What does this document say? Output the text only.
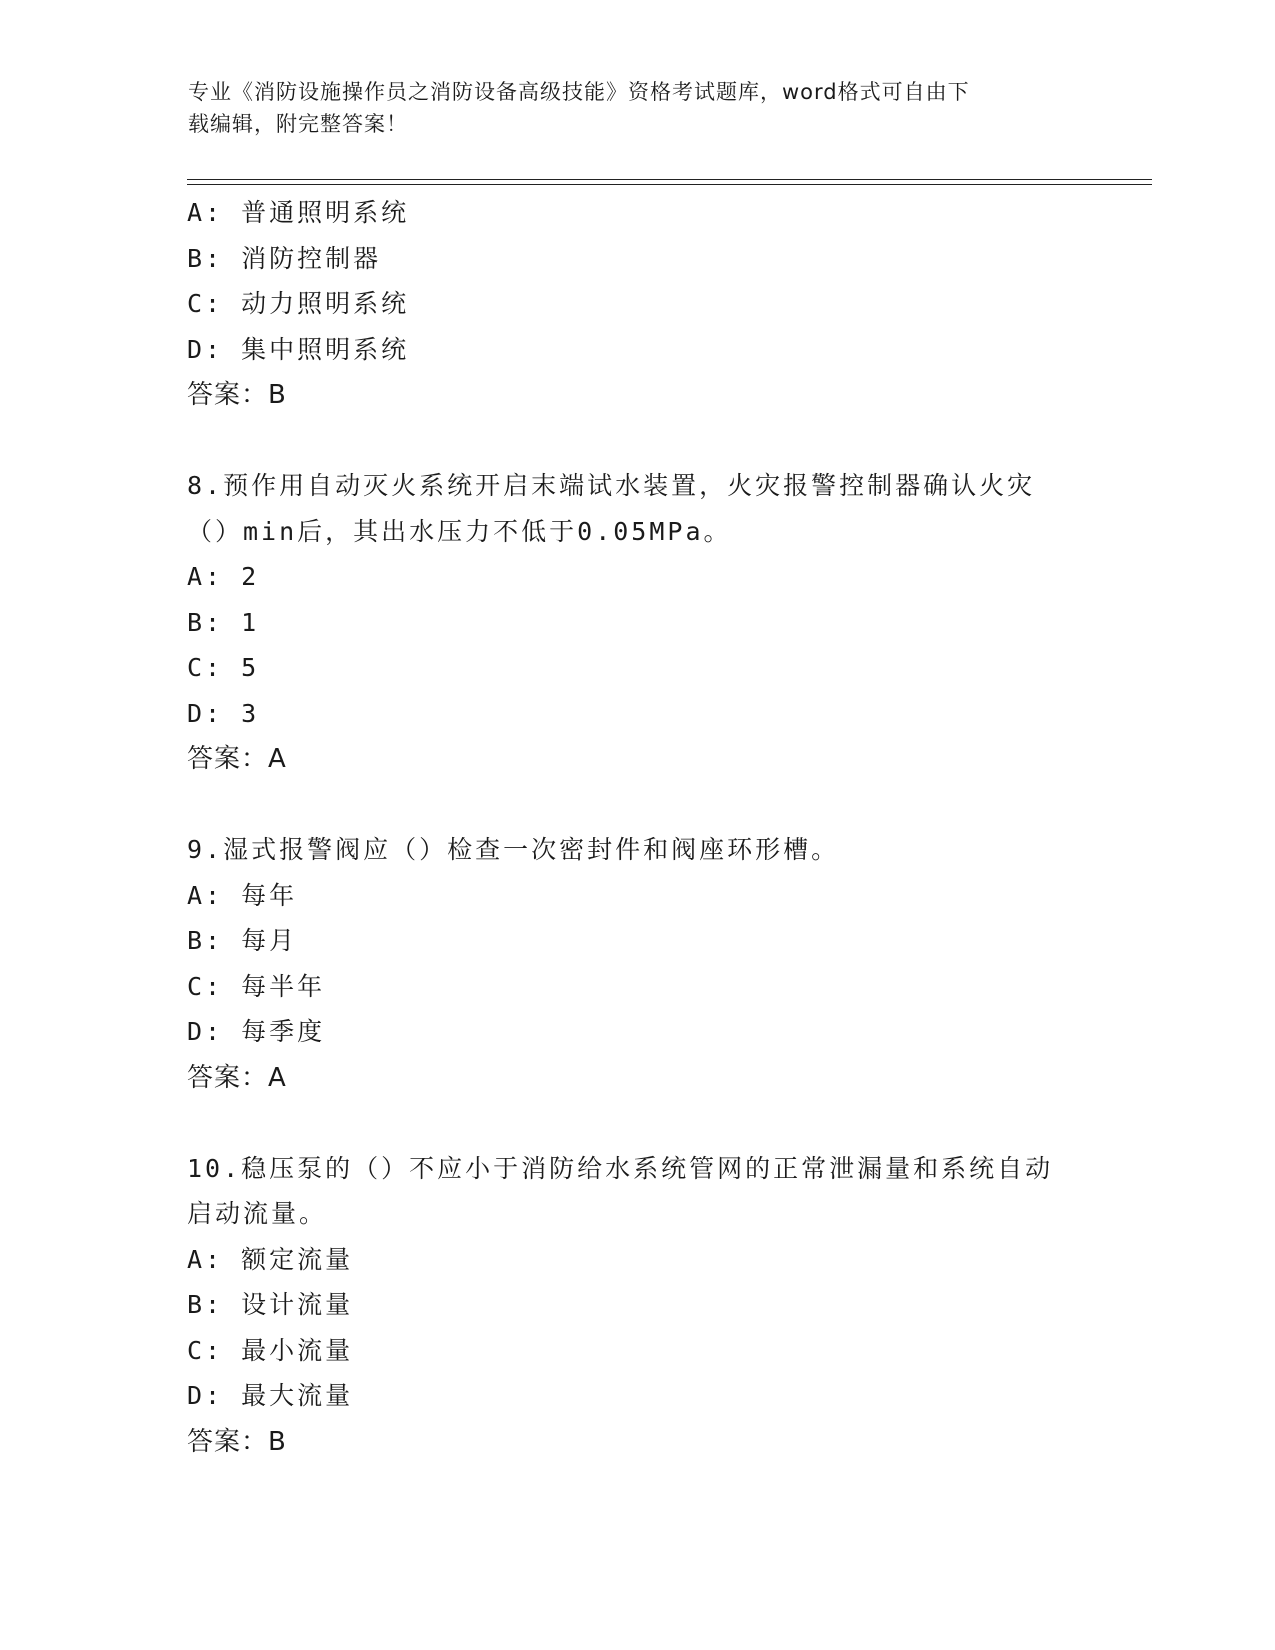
专业《消防设施操作员之消防设备高级技能》资格考试题库，word格式可自由下
载编辑，附完整答案！
A: 普通照明系统
B: 消防控制器
C: 动力照明系统
D: 集中照明系统
答案：B
8.预作用自动灭火系统开启末端试水装置，火灾报警控制器确认火灾
（）min后，其出水压力不低于0.05MPa。
A: 2
B: 1
C: 5
D: 3
答案：A
9.湿式报警阀应（）检查一次密封件和阀座环形槽。
A: 每年
B: 每月
C: 每半年
D: 每季度
答案：A
10.稳压泵的（）不应小于消防给水系统管网的正常泄漏量和系统自动
启动流量。
A: 额定流量
B: 设计流量
C: 最小流量
D: 最大流量
答案：B
